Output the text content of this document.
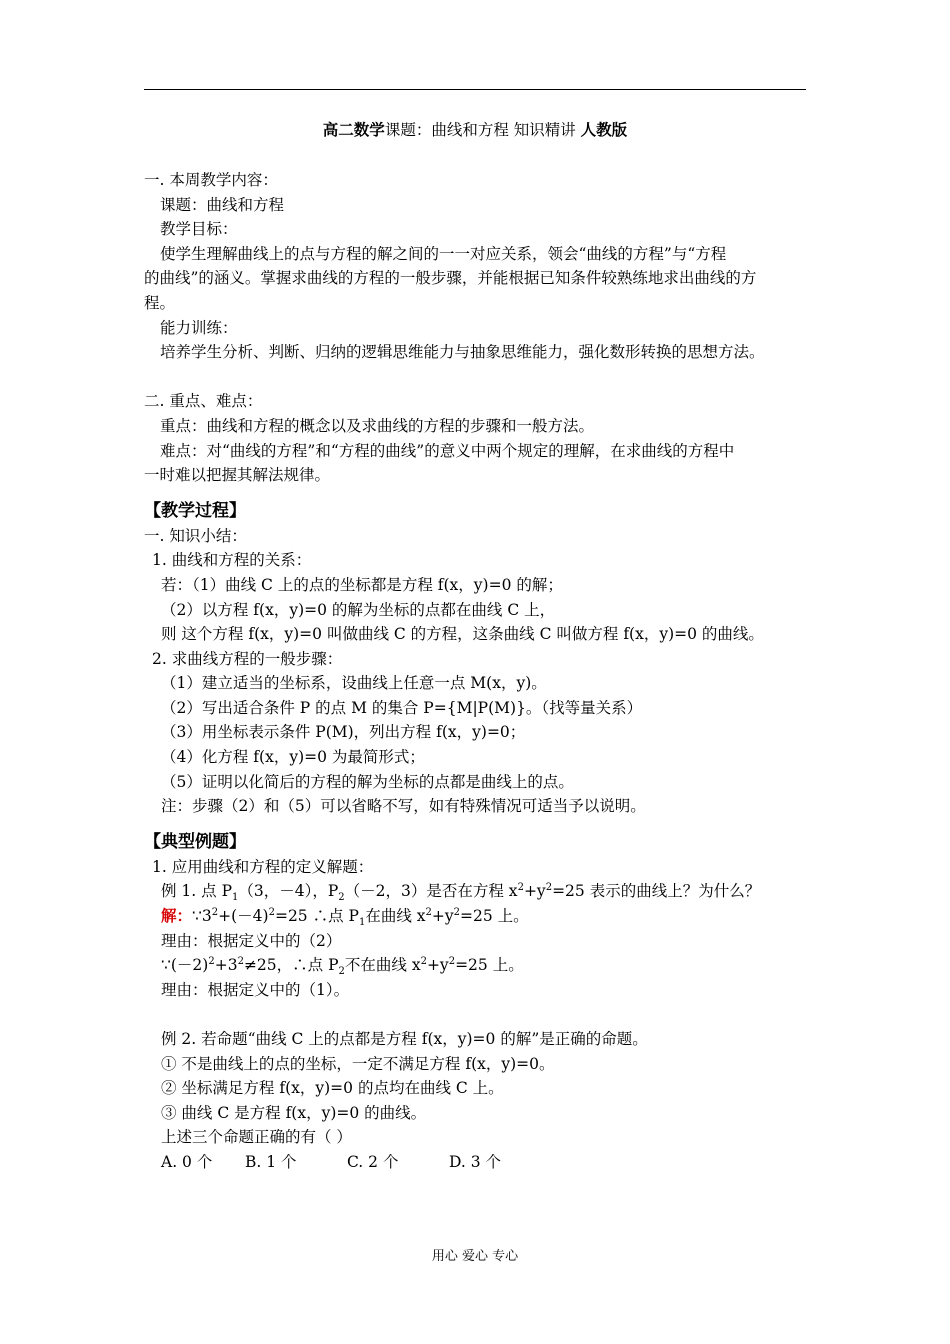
高二数学课题：曲线和方程 知识精讲 人教版

一. 本周教学内容：

课题：曲线和方程

教学目标：

使学生理解曲线上的点与方程的解之间的一一对应关系，领会“曲线的方程”与“方程

的曲线”的涵义。掌握求曲线的方程的一般步骤，并能根据已知条件较熟练地求出曲线的方

程。

能力训练：

培养学生分析、判断、归纳的逻辑思维能力与抽象思维能力，强化数形转换的思想方法。

二. 重点、难点：

重点：曲线和方程的概念以及求曲线的方程的步骤和一般方法。

难点：对“曲线的方程”和“方程的曲线”的意义中两个规定的理解，在求曲线的方程中

一时难以把握其解法规律。

【教学过程】

一. 知识小结：

1. 曲线和方程的关系：

若：（1）曲线 C 上的点的坐标都是方程 f(x，y)=0 的解；

（2）以方程 f(x，y)=0 的解为坐标的点都在曲线 C 上，

则 这个方程 f(x，y)=0 叫做曲线 C 的方程，这条曲线 C 叫做方程 f(x，y)=0 的曲线。

2. 求曲线方程的一般步骤：

（1）建立适当的坐标系，设曲线上任意一点 M(x，y)。

（2）写出适合条件 P 的点 M 的集合 P={M|P(M)}。（找等量关系）

（3）用坐标表示条件 P(M)，列出方程 f(x，y)=0；

（4）化方程 f(x，y)=0 为最简形式；

（5）证明以化简后的方程的解为坐标的点都是曲线上的点。

注：步骤（2）和（5）可以省略不写，如有特殊情况可适当予以说明。

【典型例题】

1. 应用曲线和方程的定义解题：

例 1. 点 $P_1(3$，－4），$P_2(-2$，3）是否在方程 $x^2+y^2=25$ 表示的曲线上？为什么？

解：$\because 3^2+(-4)^2=25$ ∴点 $P_1$在曲线 $x^2+y^2=25$ 上。

理由：根据定义中的（2）

$\because(-2)^2+3^2\ne 25$，∴点 $P_2$不在曲线 $x^2+y^2=25$ 上。

理由：根据定义中的（1）。

例 2. 若命题“曲线 C 上的点都是方程 f(x，y)=0 的解”是正确的命题。

① 不是曲线上的点的坐标，一定不满足方程 f(x，y)=0。

② 坐标满足方程 f(x，y)=0 的点均在曲线 C 上。

③ 曲线 C 是方程 f(x，y)=0 的曲线。

上述三个命题正确的有（ ）

A. 0 个 B. 1 个	C. 2 个	D. 3 个

用心 爱心 专心
